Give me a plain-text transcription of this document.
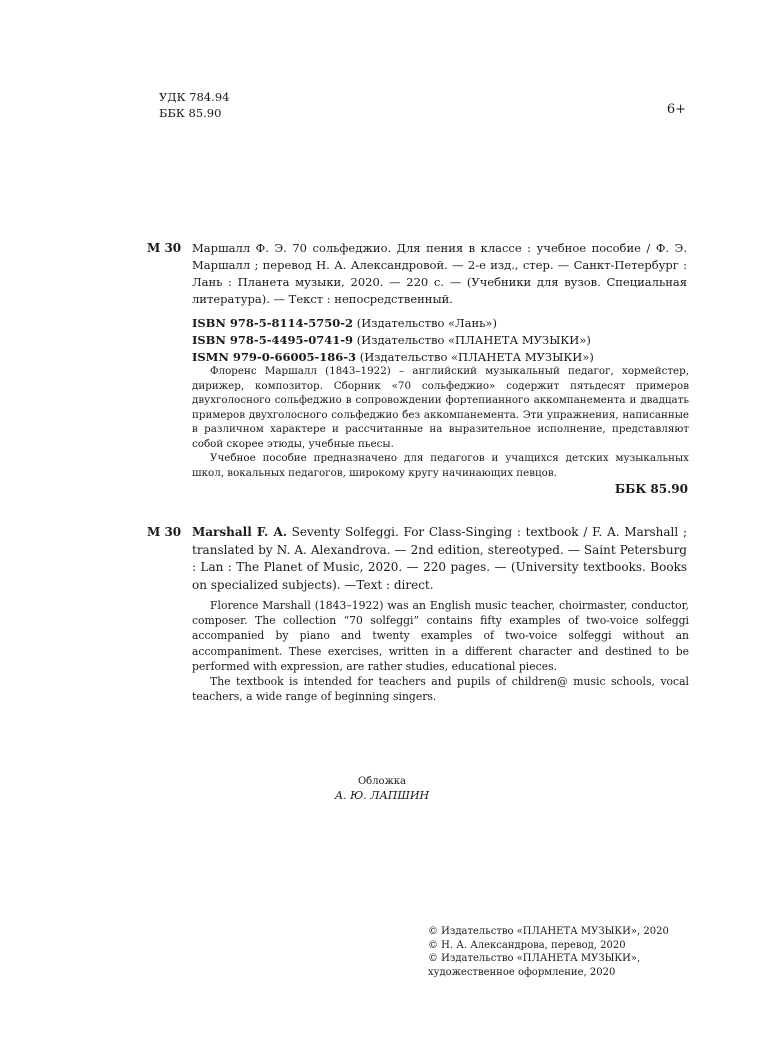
УДК 784.94
ББК 85.90	6+
М 30 Маршалл Ф. Э. 70 сольфеджио. Для пения в классе : учебное пособие / Ф. Э. Маршалл ; перевод Н. А. Александровой. — 2-е изд., стер. — Санкт-Петербург : Лань : Планета музыки, 2020. — 220 с. — (Учебники для вузов. Специальная литература). — Текст : непосредственный.
ISBN 978-5-8114-5750-2 (Издательство «Лань»)
ISBN 978-5-4495-0741-9 (Издательство «ПЛАНЕТА МУЗЫКИ»)
ISMN 979-0-66005-186-3 (Издательство «ПЛАНЕТА МУЗЫКИ»)

Флоренс Маршалл (1843–1922) – английский музыкальный педагог, хормейстер, дирижер, композитор. Сборник «70 сольфеджио» содержит пятьдесят примеров двухголосного сольфеджио в сопровождении фортепианного аккомпанемента и двадцать примеров двухголосного сольфеджио без аккомпанемента. Эти упражнения, написанные в различном характере и рассчитанные на выразительное исполнение, представляют собой скорее этюды, учебные пьесы.

Учебное пособие предназначено для педагогов и учащихся детских музыкальных школ, вокальных педагогов, широкому кругу начинающих певцов.

ББК 85.90
М 30 Marshall F. A. Seventy Solfeggi. For Class-Singing : textbook / F. A. Marshall ; translated by N. A. Alexandrova. — 2nd edition, stereotyped. — Saint Petersburg : Lan : The Planet of Music, 2020. — 220 pages. — (University textbooks. Books on specialized subjects). —Text : direct.

Florence Marshall (1843–1922) was an English music teacher, choirmaster, conductor, composer. The collection “70 solfeggi” contains fifty examples of two-voice solfeggi accompanied by piano and twenty examples of two-voice solfeggi without an accompaniment. These exercises, written in a different character and destined to be performed with expression, are rather studies, educational pieces.

The textbook is intended for teachers and pupils of children@ music schools, vocal teachers, a wide range of beginning singers.

Обложка
А. Ю. ЛАПШИН
© Издательство «ПЛАНЕТА МУЗЫКИ», 2020
© Н. А. Александрова, перевод, 2020
© Издательство «ПЛАНЕТА МУЗЫКИ», художественное оформление, 2020
